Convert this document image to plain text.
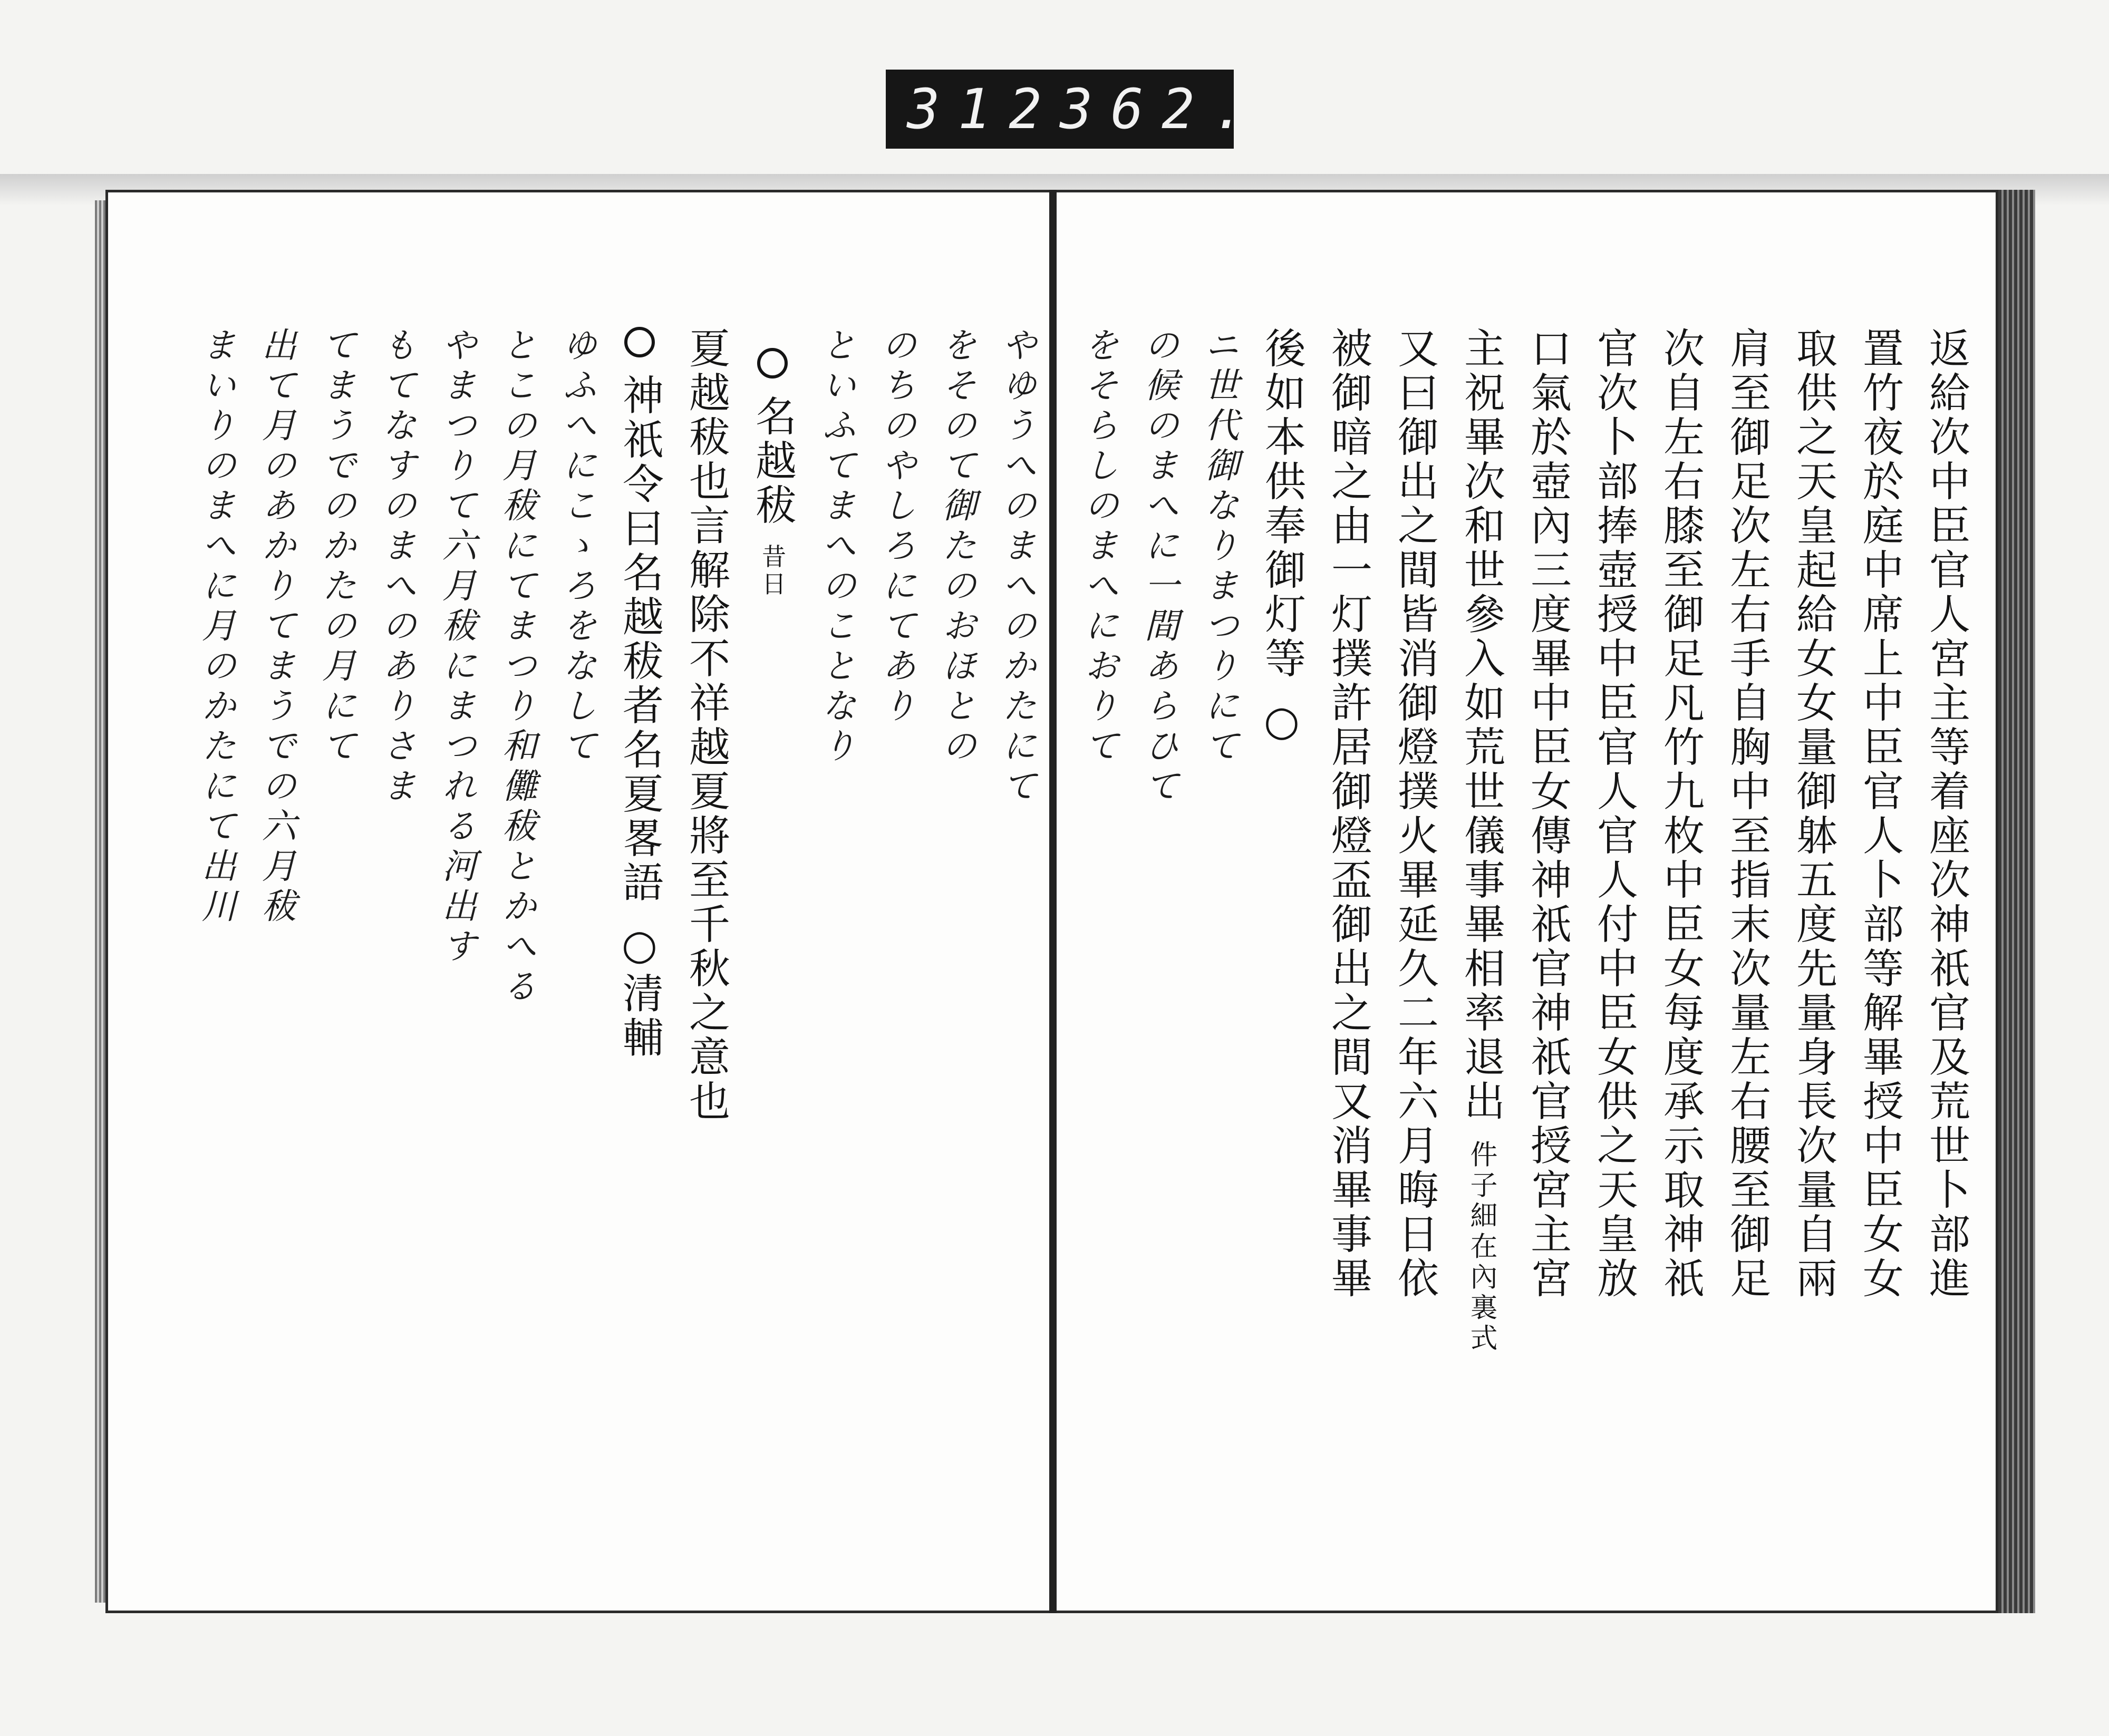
312 362.
返給次中臣官人宮主等着座次神祇官及荒世卜部進
置竹夜於庭中席上中臣官人卜部等解畢授中臣女女
取供之天皇起給女女量御躰五度先量身長次量自兩
肩至御足次左右手自胸中至指末次量左右腰至御足
次自左右膝至御足凡竹九枚中臣女每度承示取神祇
官次卜部捧壺授中臣官人官人付中臣女供之天皇放
口氣於壺內三度畢中臣女傳神祇官神祇官授宮主宮
主祝畢次和世參入如荒世儀事畢相率退出 件子細在內裏式
又曰御出之間皆消御燈撲火畢延久二年六月晦日依
被御暗之由一灯撲許居御燈盃御出之間又消畢事畢
後如本供奉御灯等 ○
ニ世代御なりまつりにて
の候のまへに一間あらひて
をそらしのまへにおりて
やゆうへのまへのかたにて
をそのて御たのおほとの
のちのやしろにてあり
といふてまへのことなり
名越秡 昔日
夏越秡也言解除不祥越夏將至千秋之意也
神祇令曰名越秡者名夏畧語 ○清輔
ゆふへにこゝろをなして
とこの月秡にてまつり和儺秡とかへる
やまつりて六月秡にまつれる河出す
もてなすのまへのありさま
てまうでのかたの月にて
出て月のあかりてまうでの六月秡
まいりのまへに月のかたにて出川
